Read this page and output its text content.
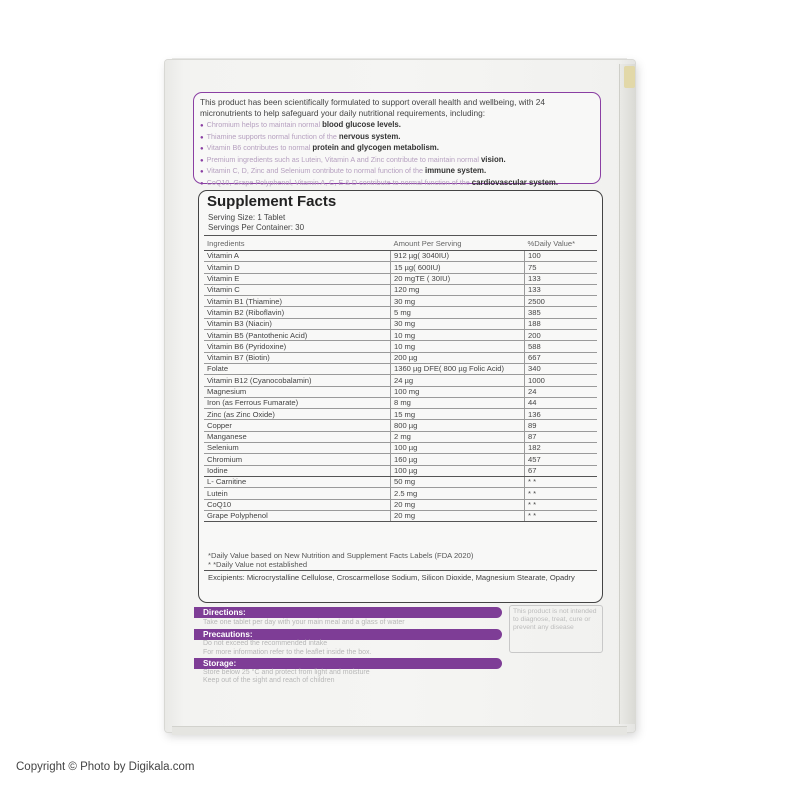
This product has been scientifically formulated to support overall health and wellbeing, with 24 micronutrients to help safeguard your daily nutritional requirements, including:

● Chromium helps to maintain normal blood glucose levels.
● Thiamine supports normal function of the nervous system.
● Vitamin B6 contributes to normal protein and glycogen metabolism.
● Premium ingredients such as Lutein, Vitamin A and Zinc contribute to maintain normal vision.
● Vitamin C, D, Zinc and Selenium contribute to normal function of the immune system.
● CoQ10, Grape Polyphenol, Vitamin A, C, E & D contribute to normal function of the cardiovascular system.
Supplement Facts
Serving Size: 1 Tablet
Servings Per Container: 30
Ingredients	Amount Per Serving	%Daily Value*
Vitamin A	912 µg( 3040IU)	100
Vitamin D	15 µg( 600IU)	75
Vitamin E	20 mgTE ( 30IU)	133
Vitamin C	120 mg	133
Vitamin B1 (Thiamine)	30 mg	2500
Vitamin B2 (Riboflavin)	5 mg	385
Vitamin B3 (Niacin)	30 mg	188
Vitamin B5 (Pantothenic Acid)	10 mg	200
Vitamin B6 (Pyridoxine)	10 mg	588
Vitamin B7 (Biotin)	200 µg	667
Folate	1360 µg DFE( 800 µg Folic Acid)	340
Vitamin B12 (Cyanocobalamin)	24 µg	1000
Magnesium	100 mg	24
Iron (as Ferrous Fumarate)	8 mg	44
Zinc (as Zinc Oxide)	15 mg	136
Copper	800 µg	89
Manganese	2 mg	87
Selenium	100 µg	182
Chromium	160 µg	457
Iodine	100 µg	67
L- Carnitine	50 mg	* *
Lutein	2.5 mg	* *
CoQ10	20 mg	* *
Grape Polyphenol	20 mg	* *
*Daily Value based on New Nutrition and Supplement Facts Labels (FDA 2020)
* *Daily Value not established
Excipients: Microcrystalline Cellulose, Croscarmellose Sodium, Silicon Dioxide, Magnesium Stearate, Opadry
Directions:
Take one tablet per day with your main meal and a glass of water
Precautions:
Do not exceed the recommended intake
For more information refer to the leaflet inside the box.
Storage:
Store below 25 °C and protect from light and moisture
Keep out of the sight and reach of children
This product is not intended to diagnose, treat, cure or prevent any disease
Copyright © Photo by Digikala.com
